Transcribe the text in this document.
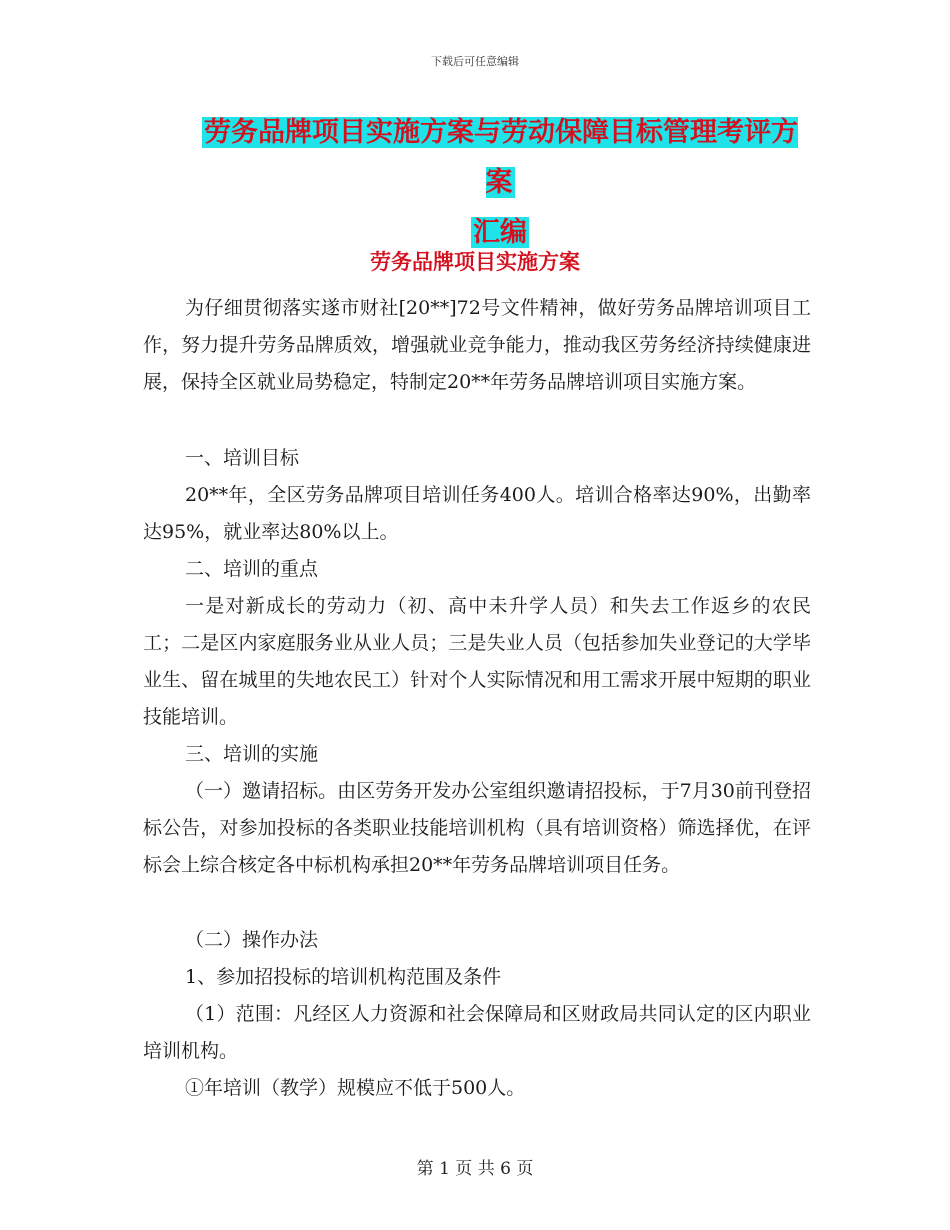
下载后可任意编辑
劳务品牌项目实施方案与劳动保障目标管理考评方案
汇编
劳务品牌项目实施方案

为仔细贯彻落实遂市财社[20**]72号文件精神，做好劳务品牌培训项目工作，努力提升劳务品牌质效，增强就业竞争能力，推动我区劳务经济持续健康进展，保持全区就业局势稳定，特制定20**年劳务品牌培训项目实施方案。

一、培训目标

20**年，全区劳务品牌项目培训任务400人。培训合格率达90%，出勤率达95%，就业率达80%以上。

二、培训的重点

一是对新成长的劳动力（初、高中未升学人员）和失去工作返乡的农民工；二是区内家庭服务业从业人员；三是失业人员（包括参加失业登记的大学毕业生、留在城里的失地农民工）针对个人实际情况和用工需求开展中短期的职业技能培训。

三、培训的实施

（一）邀请招标。由区劳务开发办公室组织邀请招投标，于7月30前刊登招标公告，对参加投标的各类职业技能培训机构（具有培训资格）筛选择优，在评标会上综合核定各中标机构承担20**年劳务品牌培训项目任务。

（二）操作办法

1、参加招投标的培训机构范围及条件

（1）范围：凡经区人力资源和社会保障局和区财政局共同认定的区内职业培训机构。

①年培训（教学）规模应不低于500人。

第 1 页 共 6 页
